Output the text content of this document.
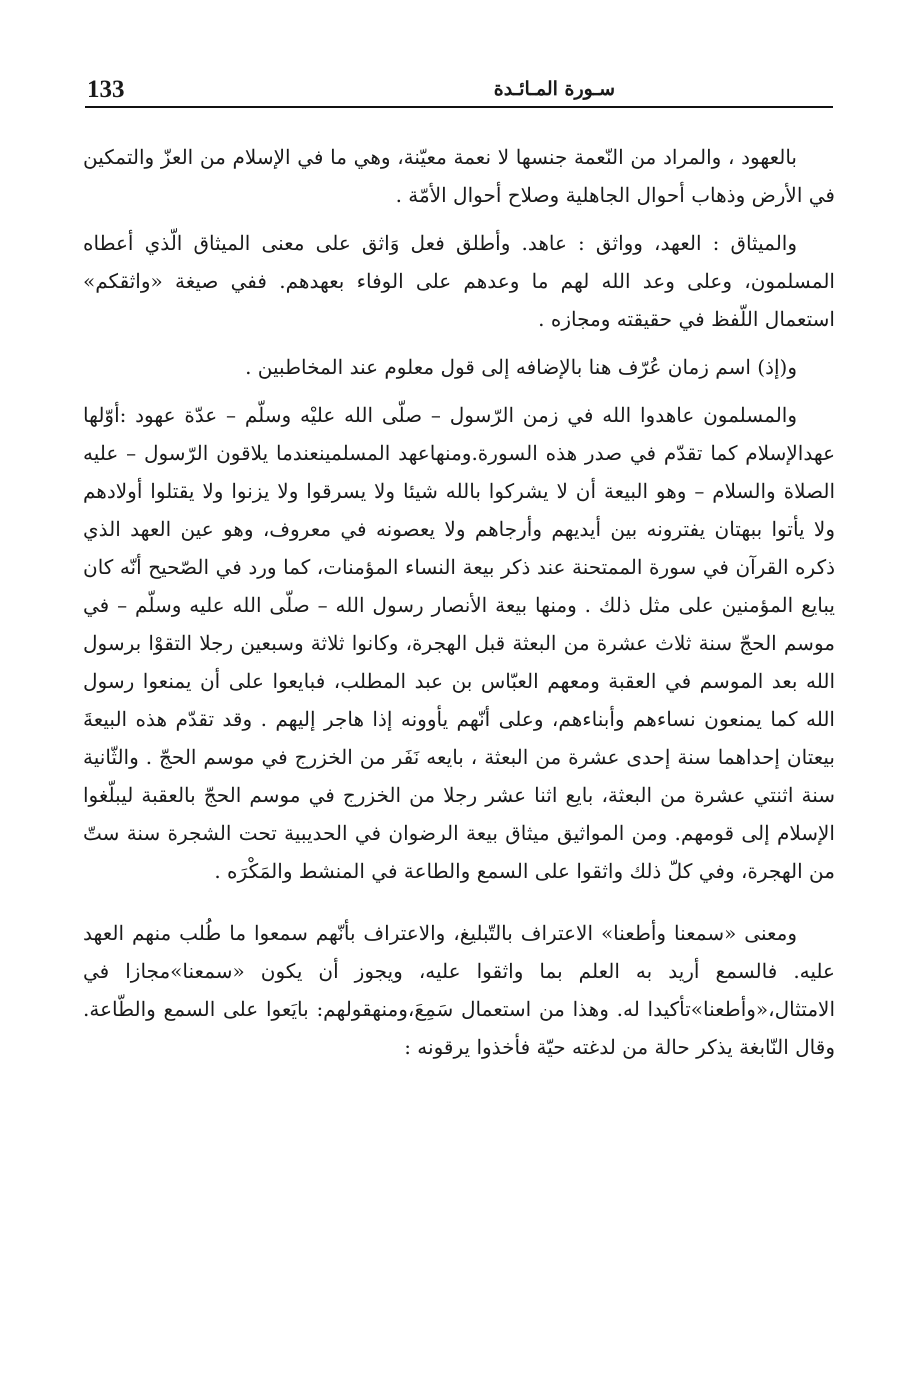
133	سـورة المـائـدة

بالعهود ، والمراد من النّعمة جنسها لا نعمة معيّنة، وهي ما في الإسلام من العزّ والتمكين في الأرض وذهاب أحوال الجاهلية وصلاح أحوال الأمّة .

والميثاق : العهد، وواثق : عاهد. وأطلق فعل وَاثق على معنى الميثاق الّذي أعطاه المسلمون، وعلى وعد الله لهم ما وعدهم على الوفاء بعهدهم. ففي صيغة «واثقكم» استعمال اللّفظ في حقيقته ومجازه .

و(إذ) اسم زمان عُرّف هنا بالإضافه إلى قول معلوم عند المخاطبين .

والمسلمون عاهدوا الله في زمن الرّسول – صلّى الله عليْه وسلّم – عدّة عهود :أوّلها عهدالإسلام كما تقدّم في صدر هذه السورة.ومنهاعهد المسلمينعندما يلاقون الرّسول – عليه الصلاة والسلام – وهو البيعة أن لا يشركوا بالله شيئا ولا يسرقوا ولا يزنوا ولا يقتلوا أولادهم ولا يأتوا ببهتان يفترونه بين أيديهم وأرجاهم ولا يعصونه في معروف، وهو عين العهد الذي ذكره القرآن في سورة الممتحنة عند ذكر بيعة النساء المؤمنات، كما ورد في الصّحيح أنّه كان يبايع المؤمنين على مثل ذلك . ومنها بيعة الأنصار رسول الله – صلّى الله عليه وسلّم – في موسم الحجّ سنة ثلاث عشرة من البعثة قبل الهجرة، وكانوا ثلاثة وسبعين رجلا التقوْا برسول الله بعد الموسم في العقبة ومعهم العبّاس بن عبد المطلب، فبايعوا على أن يمنعوا رسول الله كما يمنعون نساءهم وأبناءهم، وعلى أنّهم يأوونه إذا هاجر إليهم . وقد تقدّم هذه البيعةَ بيعتان إحداهما سنة إحدى عشرة من البعثة ، بايعه نَفَر من الخزرج في موسم الحجّ . والثّانية سنة اثنتي عشرة من البعثة، بايع اثنا عشر رجلا من الخزرج في موسم الحجّ بالعقبة ليبلّغوا الإسلام إلى قومهم. ومن المواثيق ميثاق بيعة الرضوان في الحديبية تحت الشجرة سنة ستّ من الهجرة، وفي كلّ ذلك واثقوا على السمع والطاعة في المنشط والمَكْرَه .

ومعنى «سمعنا وأطعنا» الاعتراف بالتّبليغ، والاعتراف بأنّهم سمعوا ما طُلب منهم العهد عليه. فالسمع أريد به العلم بما واثقوا عليه، ويجوز أن يكون «سمعنا»مجازا في الامتثال،«وأطعنا»تأكيدا له. وهذا من استعمال سَمِعَ،ومنهقولهم: بايَعوا على السمع والطّاعة. وقال النّابغة يذكر حالة من لدغته حيّة فأخذوا يرقونه :
